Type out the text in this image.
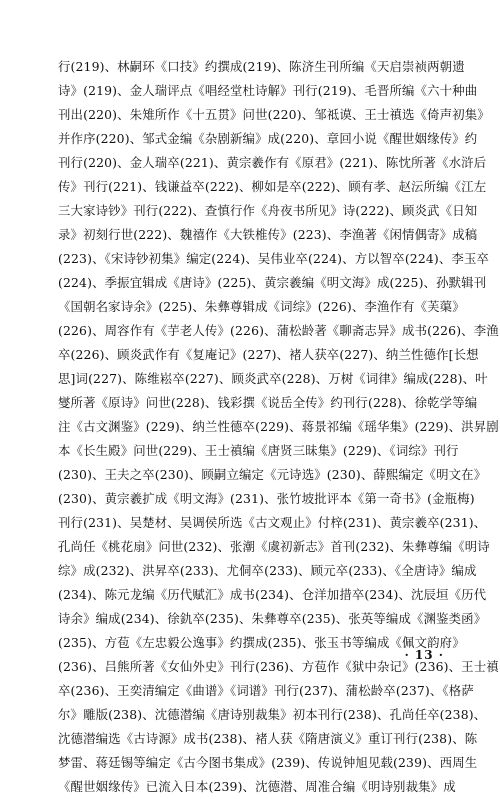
行(219)、林嗣环《口技》约撰成(219)、陈济生刊所编《天启崇祯两朝遗
诗》(219)、金人瑞评点《唱经堂杜诗解》刊行(219)、毛晋所编《六十种曲
刊出(220)、朱雉所作《十五贯》问世(220)、邹祗谟、王士禛选《倚声初集》
并作序(220)、邹式金编《杂剧新编》成(220)、章回小说《醒世姻缘传》约
刊行(220)、金人瑞卒(221)、黄宗羲作有《原君》(221)、陈忱所著《水浒后
传》刊行(221)、钱谦益卒(222)、柳如是卒(222)、顾有孝、赵沄所编《江左
三大家诗钞》刊行(222)、查慎行作《舟夜书所见》诗(222)、顾炎武《日知
录》初刻行世(222)、魏禧作《大铁椎传》(223)、李渔著《闲情偶寄》成稿
(223)、《宋诗钞初集》编定(224)、吴伟业卒(224)、方以智卒(224)、李玉卒
(224)、季振宜辑成《唐诗》(225)、黄宗羲编《明文海》成(225)、孙默辑刊
《国朝名家诗余》(225)、朱彝尊辑成《词综》(226)、李渔作有《芙蕖》
(226)、周容作有《芋老人传》(226)、蒲松龄著《聊斋志异》成书(226)、李渔
卒(226)、顾炎武作有《复庵记》(227)、褚人获卒(227)、纳兰性德作[长想
思]词(227)、陈维崧卒(227)、顾炎武卒(228)、万树《词律》编成(228)、叶
燮所著《原诗》问世(228)、钱彩撰《说岳全传》约刊行(228)、徐乾学等编
注《古文渊鉴》(229)、纳兰性德卒(229)、蒋景祁编《瑶华集》(229)、洪昇剧
本《长生殿》问世(229)、王士禛编《唐贤三昧集》(229)、《词综》刊行
(230)、王夫之卒(230)、顾嗣立编定《元诗选》(230)、薛熙编定《明文在》
(230)、黄宗羲扩成《明文海》(231)、张竹坡批评本《第一奇书》(金瓶梅)
刊行(231)、吴楚材、吴调侯所选《古文观止》付梓(231)、黄宗羲卒(231)、
孔尚任《桃花扇》问世(232)、张潮《虞初新志》首刊(232)、朱彝尊编《明诗
综》成(232)、洪昇卒(233)、尤侗卒(233)、顾元卒(233)、《全唐诗》编成
(234)、陈元龙编《历代赋汇》成书(234)、仓洋加措卒(234)、沈辰垣《历代
诗余》编成(234)、徐釚卒(235)、朱彝尊卒(235)、张英等编成《渊鉴类函》
(235)、方苞《左忠毅公逸事》约撰成(235)、张玉书等编成《佩文韵府》
(236)、吕熊所著《女仙外史》刊行(236)、方苞作《狱中杂记》(236)、王士禛
卒(236)、王奕清编定《曲谱》《词谱》刊行(237)、蒲松龄卒(237)、《格萨
尔》雕版(238)、沈德潜编《唐诗别裁集》初本刊行(238)、孔尚任卒(238)、
沈德潜编选《古诗源》成书(238)、褚人获《隋唐演义》重订刊行(238)、陈
梦雷、蒋廷锡等编定《古今图书集成》(239)、传说钟旭见载(239)、西周生
《醒世姻缘传》已流入日本(239)、沈德潜、周准合编《明诗别裁集》成
· 13 ·
